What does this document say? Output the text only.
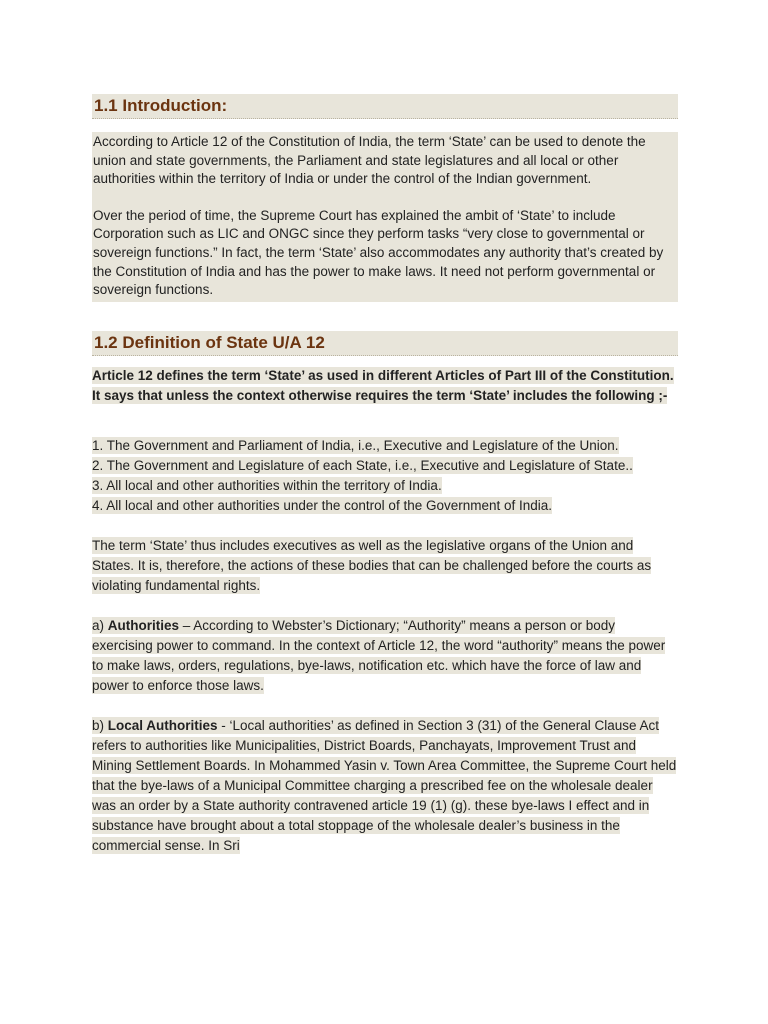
1.1 Introduction:

According to Article 12 of the Constitution of India, the term ‘State’ can be used to denote the union and state governments, the Parliament and state legislatures and all local or other authorities within the territory of India or under the control of the Indian government.

Over the period of time, the Supreme Court has explained the ambit of ‘State’ to include Corporation such as LIC and ONGC since they perform tasks “very close to governmental or sovereign functions.” In fact, the term ‘State’ also accommodates any authority that’s created by the Constitution of India and has the power to make laws. It need not perform governmental or sovereign functions.

1.2 Definition of State U/A 12

Article 12 defines the term ‘State’ as used in different Articles of Part III of the Constitution. It says that unless the context otherwise requires the term ‘State’ includes the following ;-

1. The Government and Parliament of India, i.e., Executive and Legislature of the Union.
2. The Government and Legislature of each State, i.e., Executive and Legislature of State..
3. All local and other authorities within the territory of India.
4. All local and other authorities under the control of the Government of India.

The term ‘State’ thus includes executives as well as the legislative organs of the Union and States. It is, therefore, the actions of these bodies that can be challenged before the courts as violating fundamental rights.

a) Authorities – According to Webster’s Dictionary; “Authority” means a person or body exercising power to command. In the context of Article 12, the word “authority” means the power to make laws, orders, regulations, bye-laws, notification etc. which have the force of law and power to enforce those laws.

b) Local Authorities - ‘Local authorities’ as defined in Section 3 (31) of the General Clause Act refers to authorities like Municipalities, District Boards, Panchayats, Improvement Trust and Mining Settlement Boards. In Mohammed Yasin v. Town Area Committee, the Supreme Court held that the bye-laws of a Municipal Committee charging a prescribed fee on the wholesale dealer was an order by a State authority contravened article 19 (1) (g). these bye-laws I effect and in substance have brought about a total stoppage of the wholesale dealer’s business in the commercial sense. In Sri
